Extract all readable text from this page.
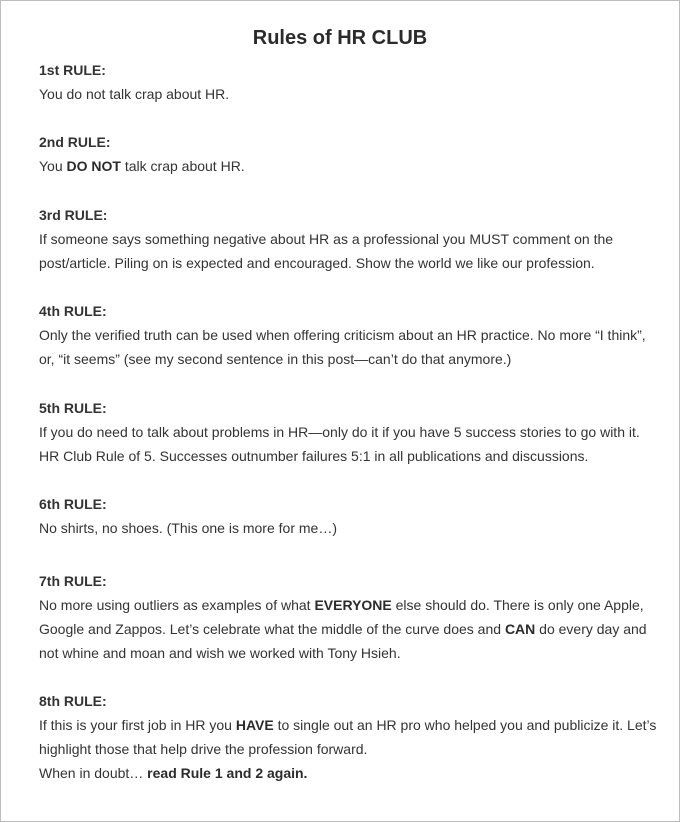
Rules of HR CLUB
1st RULE:
You do not talk crap about HR.
2nd RULE:
You DO NOT talk crap about HR.
3rd RULE:
If someone says something negative about HR as a professional you MUST comment on the
post/article. Piling on is expected and encouraged. Show the world we like our profession.
4th RULE:
Only the verified truth can be used when offering criticism about an HR practice. No more “I think”,
or, “it seems” (see my second sentence in this post—can’t do that anymore.)
5th RULE:
If you do need to talk about problems in HR—only do it if you have 5 success stories to go with it.
HR Club Rule of 5. Successes outnumber failures 5:1 in all publications and discussions.
6th RULE:
No shirts, no shoes. (This one is more for me…)
7th RULE:
No more using outliers as examples of what EVERYONE else should do. There is only one Apple,
Google and Zappos. Let’s celebrate what the middle of the curve does and CAN do every day and
not whine and moan and wish we worked with Tony Hsieh.
8th RULE:
If this is your first job in HR you HAVE to single out an HR pro who helped you and publicize it. Let’s
highlight those that help drive the profession forward.
When in doubt… read Rule 1 and 2 again.
